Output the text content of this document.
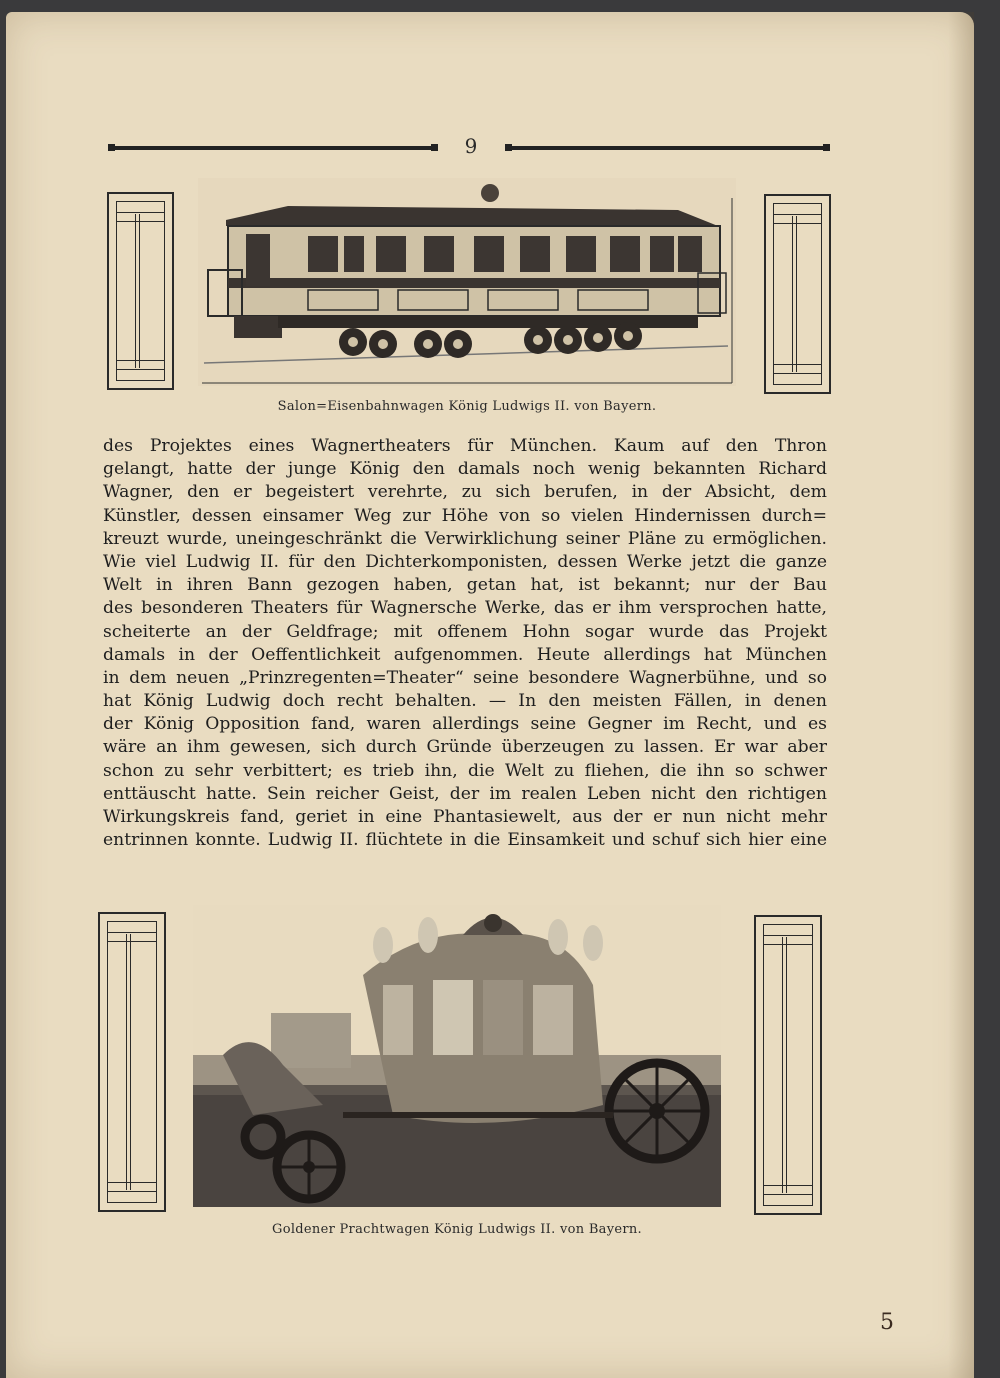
9
Salon=Eisenbahnwagen König Ludwigs II. von Bayern.
des Projektes eines Wagnertheaters für München. Kaum auf den Thron
gelangt, hatte der junge König den damals noch wenig bekannten Richard
Wagner, den er begeistert verehrte, zu sich berufen, in der Absicht, dem
Künstler, dessen einsamer Weg zur Höhe von so vielen Hindernissen durch=
kreuzt wurde, uneingeschränkt die Verwirklichung seiner Pläne zu ermöglichen.
Wie viel Ludwig II. für den Dichterkomponisten, dessen Werke jetzt die ganze
Welt in ihren Bann gezogen haben, getan hat, ist bekannt; nur der Bau
des besonderen Theaters für Wagnersche Werke, das er ihm versprochen hatte,
scheiterte an der Geldfrage; mit offenem Hohn sogar wurde das Projekt
damals in der Oeffentlichkeit aufgenommen. Heute allerdings hat München
in dem neuen „Prinzregenten=Theater“ seine besondere Wagnerbühne, und so
hat König Ludwig doch recht behalten. — In den meisten Fällen, in denen
der König Opposition fand, waren allerdings seine Gegner im Recht, und es
wäre an ihm gewesen, sich durch Gründe überzeugen zu lassen. Er war aber
schon zu sehr verbittert; es trieb ihn, die Welt zu fliehen, die ihn so schwer
enttäuscht hatte. Sein reicher Geist, der im realen Leben nicht den richtigen
Wirkungskreis fand, geriet in eine Phantasiewelt, aus der er nun nicht mehr
entrinnen konnte. Ludwig II. flüchtete in die Einsamkeit und schuf sich hier eine
Goldener Prachtwagen König Ludwigs II. von Bayern.
5
